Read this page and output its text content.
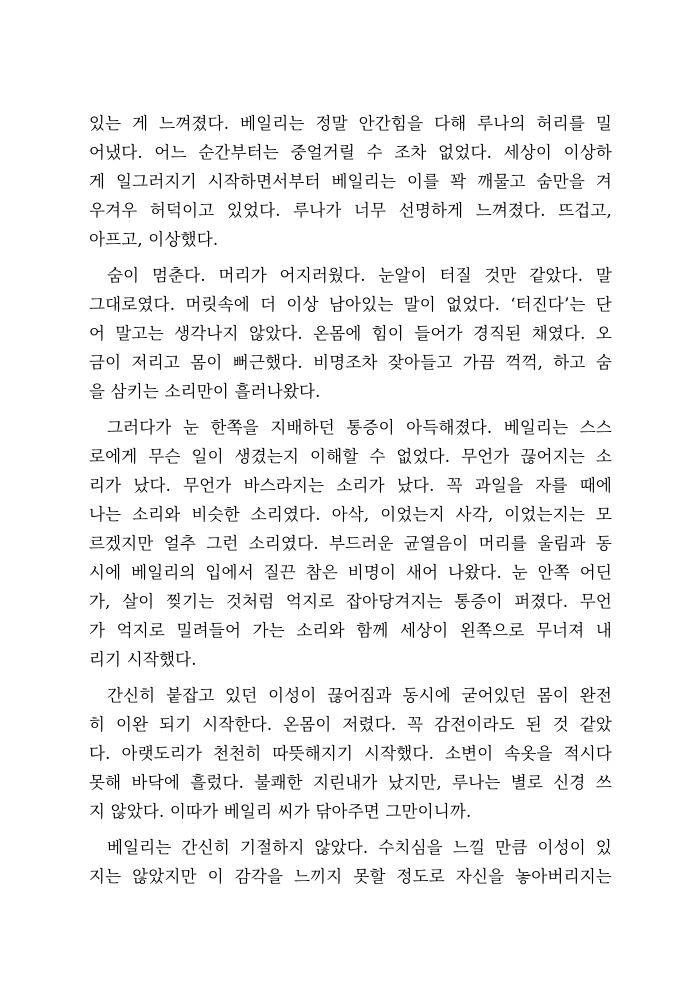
있는 게 느껴졌다. 베일리는 정말 안간힘을 다해 루나의 허리를 밀
어냈다. 어느 순간부터는 중얼거릴 수 조차 없었다. 세상이 이상하
게 일그러지기 시작하면서부터 베일리는 이를 꽉 깨물고 숨만을 겨
우겨우 허덕이고 있었다. 루나가 너무 선명하게 느껴졌다. 뜨겁고,
아프고, 이상했다.
숨이 멈춘다. 머리가 어지러웠다. 눈알이 터질 것만 같았다. 말
그대로였다. 머릿속에 더 이상 남아있는 말이 없었다. ‘터진다’는 단
어 말고는 생각나지 않았다. 온몸에 힘이 들어가 경직된 채였다. 오
금이 저리고 몸이 뻐근했다. 비명조차 잦아들고 가끔 꺽꺽, 하고 숨
을 삼키는 소리만이 흘러나왔다.
그러다가 눈 한쪽을 지배하던 통증이 아득해졌다. 베일리는 스스
로에게 무슨 일이 생겼는지 이해할 수 없었다. 무언가 끊어지는 소
리가 났다. 무언가 바스라지는 소리가 났다. 꼭 과일을 자를 때에
나는 소리와 비슷한 소리였다. 아삭, 이었는지 사각, 이었는지는 모
르겠지만 얼추 그런 소리였다. 부드러운 균열음이 머리를 울림과 동
시에 베일리의 입에서 질끈 참은 비명이 새어 나왔다. 눈 안쪽 어딘
가, 살이 찢기는 것처럼 억지로 잡아당겨지는 통증이 퍼졌다. 무언
가 억지로 밀려들어 가는 소리와 함께 세상이 왼쪽으로 무너져 내
리기 시작했다.
간신히 붙잡고 있던 이성이 끊어짐과 동시에 굳어있던 몸이 완전
히 이완 되기 시작한다. 온몸이 저렸다. 꼭 감전이라도 된 것 같았
다. 아랫도리가 천천히 따뜻해지기 시작했다. 소변이 속옷을 적시다
못해 바닥에 흘렀다. 불쾌한 지린내가 났지만, 루나는 별로 신경 쓰
지 않았다. 이따가 베일리 씨가 닦아주면 그만이니까.
베일리는 간신히 기절하지 않았다. 수치심을 느낄 만큼 이성이 있
지는 않았지만 이 감각을 느끼지 못할 정도로 자신을 놓아버리지는
